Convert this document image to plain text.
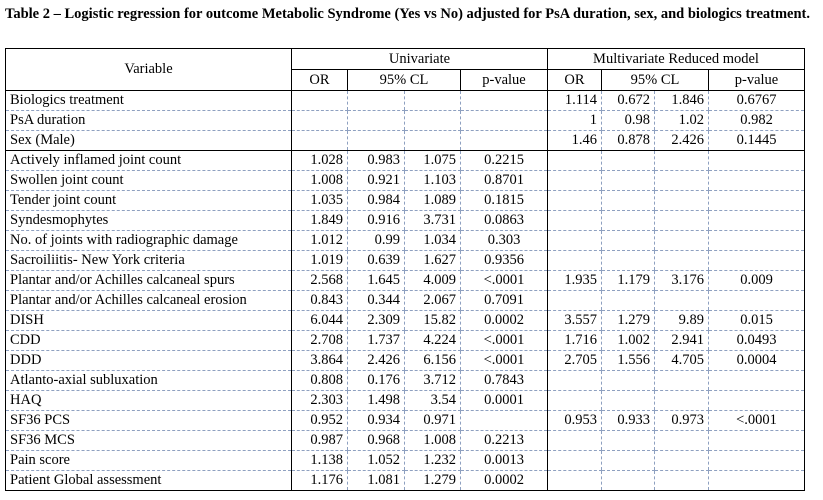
Table 2 – Logistic regression for outcome Metabolic Syndrome (Yes vs No) adjusted for PsA duration, sex, and biologics treatment.
Variable	Univariate				Multivariate Reduced model			
	OR	95% CL		p-value	OR	95% CL		p-value
Biologics treatment					1.114	0.672	1.846	0.6767
PsA duration					1	0.98	1.02	0.982
Sex (Male)					1.46	0.878	2.426	0.1445
Actively inflamed joint count	1.028	0.983	1.075	0.2215				
Swollen joint count	1.008	0.921	1.103	0.8701				
Tender joint count	1.035	0.984	1.089	0.1815				
Syndesmophytes	1.849	0.916	3.731	0.0863				
No. of joints with radiographic damage	1.012	0.99	1.034	0.303				
Sacroiliitis- New York criteria	1.019	0.639	1.627	0.9356				
Plantar and/or Achilles calcaneal spurs	2.568	1.645	4.009	<.0001	1.935	1.179	3.176	0.009
Plantar and/or Achilles calcaneal erosion	0.843	0.344	2.067	0.7091				
DISH	6.044	2.309	15.82	0.0002	3.557	1.279	9.89	0.015
CDD	2.708	1.737	4.224	<.0001	1.716	1.002	2.941	0.0493
DDD	3.864	2.426	6.156	<.0001	2.705	1.556	4.705	0.0004
Atlanto-axial subluxation	0.808	0.176	3.712	0.7843				
HAQ	2.303	1.498	3.54	0.0001				
SF36 PCS	0.952	0.934	0.971		0.953	0.933	0.973	<.0001
SF36 MCS	0.987	0.968	1.008	0.2213				
Pain score	1.138	1.052	1.232	0.0013				
Patient Global assessment	1.176	1.081	1.279	0.0002				
